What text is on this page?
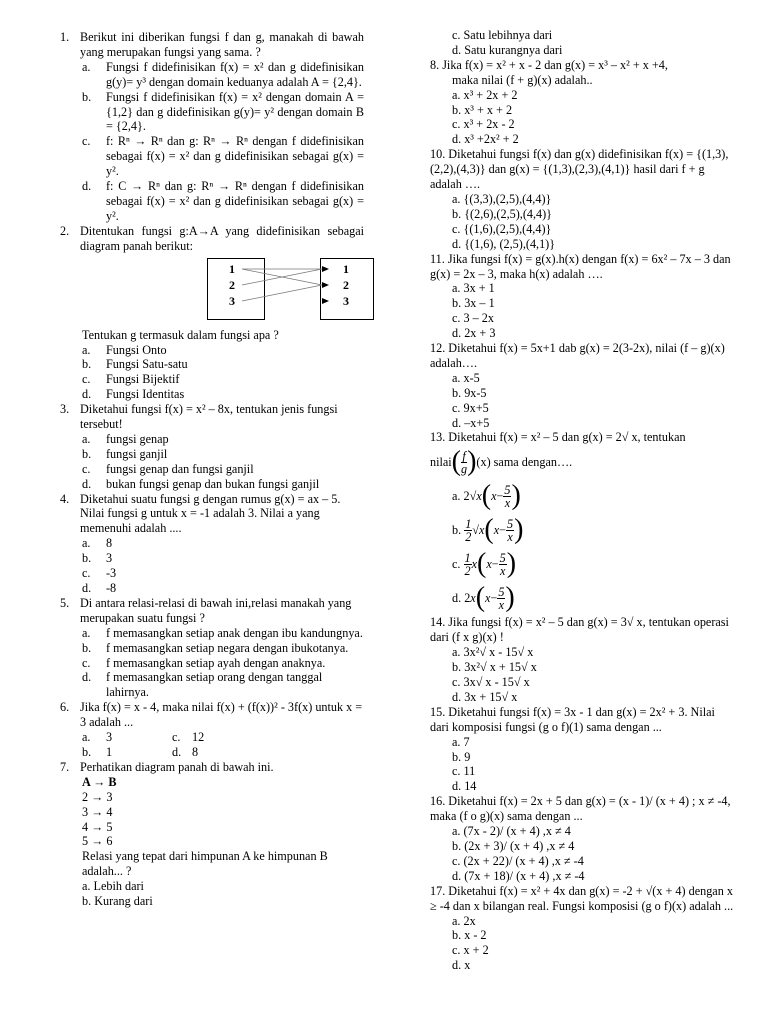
1. Berikut ini diberikan fungsi f dan g, manakah di bawah yang merupakan fungsi yang sama. ?
a.	Fungsi f didefinisikan f(x) = x² dan g didefinisikan g(y)= y³ dengan domain keduanya adalah A = {2,4}.
b.	Fungsi f didefinisikan f(x) = x² dengan domain A = {1,2} dan g didefinisikan g(y)= y² dengan domain B = {2,4}.
c.	f: Rⁿ → Rⁿ dan g: Rⁿ → Rⁿ dengan f didefinisikan sebagai f(x) = x² dan g didefinisikan sebagai g(x) = y².
d.	f: C → Rⁿ dan g: Rⁿ → Rⁿ dengan f didefinisikan sebagai f(x) = x² dan g didefinisikan sebagai g(x) = y².
2. Ditentukan fungsi g:A→A yang didefinisikan sebagai diagram panah berikut:
1
2
3
1
2
3
Tentukan g termasuk dalam fungsi apa ?
a.	Fungsi Onto
b.	Fungsi Satu-satu
c.	Fungsi Bijektif
d.	Fungsi Identitas
3. Diketahui fungsi f(x) = x² – 8x, tentukan jenis fungsi tersebut!
a.	fungsi genap
b.	fungsi ganjil
c.	fungsi genap dan fungsi ganjil
d.	bukan fungsi genap dan bukan fungsi ganjil
4. Diketahui suatu fungsi g dengan rumus g(x) = ax – 5. Nilai fungsi g untuk x = -1 adalah 3. Nilai a yang memenuhi adalah ....
a.	8
b.	3
c.	-3
d.	-8
5. Di antara relasi-relasi di bawah ini,relasi manakah yang merupakan suatu fungsi ?
a.	f memasangkan setiap anak dengan ibu kandungnya.
b.	f memasangkan setiap negara dengan ibukotanya.
c.	f memasangkan setiap ayah dengan anaknya.
d.	f memasangkan setiap orang dengan tanggal lahirnya.
6. Jika f(x) = x - 4, maka nilai f(x) + (f(x))² - 3f(x) untuk x = 3 adalah ...
a.	3	c. 12
b.	1	d. 8
7. Perhatikan diagram panah di bawah ini.
A → B
2 → 3
3 → 4
4 → 5
5 → 6
Relasi yang tepat dari himpunan A ke himpunan B adalah... ?
a. Lebih dari
b. Kurang dari
c. Satu lebihnya dari
d. Satu kurangnya dari
8. Jika f(x) = x² + x - 2 dan g(x) = x³ – x² + x +4,
maka nilai (f + g)(x) adalah..
a. x³ + 2x + 2
b. x³ + x + 2
c. x³ + 2x - 2
d. x³ +2x² + 2
10. Diketahui fungsi f(x) dan g(x) didefinisikan f(x) = {(1,3),(2,2),(4,3)} dan g(x) = {(1,3),(2,3),(4,1)} hasil dari f + g adalah ….
a. {(3,3),(2,5),(4,4)}
b. {(2,6),(2,5),(4,4)}
c. {(1,6),(2,5),(4,4)}
d. {(1,6), (2,5),(4,1)}
11. Jika fungsi f(x) = g(x).h(x) dengan f(x) = 6x² – 7x – 3 dan g(x) = 2x – 3, maka h(x) adalah ….
a. 3x + 1
b. 3x – 1
c. 3 – 2x
d. 2x + 3
12. Diketahui f(x) = 5x+1 dab g(x) = 2(3-2x), nilai (f – g)(x) adalah….
a. x-5
b. 9x-5
c. 9x+5
d. –x+5
13. Diketahui f(x) = x² – 5 dan g(x) = 2√ x, tentukan
nilai ( $\frac{f}{g}$ ) (x) sama dengan….
a.
2√ x ( $x - \frac{5}{x}$ )
b.
$\frac{1}{2}$ √ x ( $x - \frac{5}{x}$ )
c.
$\frac{1}{2}$ x ( $x - \frac{5}{x}$ )
d.
2 x ( $x - \frac{5}{x}$ )
14. Jika fungsi f(x) = x² – 5 dan g(x) = 3√ x, tentukan operasi dari (f x g)(x) !
a. 3x²√ x - 15√ x
b. 3x²√ x + 15√ x
c. 3x√ x - 15√ x
d. 3x + 15√ x
15. Diketahui fungsi f(x) = 3x - 1 dan g(x) = 2x² + 3. Nilai dari komposisi fungsi (g o f)(1) sama dengan ...
a. 7
b. 9
c. 11
d. 14
16. Diketahui f(x) = 2x + 5 dan g(x) = (x - 1)/ (x + 4) ; x ≠ -4, maka (f o g)(x) sama dengan ...
a. (7x - 2)/ (x + 4) ,x ≠ 4
b. (2x + 3)/ (x + 4) ,x ≠ 4
c. (2x + 22)/ (x + 4) ,x ≠ -4
d. (7x + 18)/ (x + 4) ,x ≠ -4
17. Diketahui f(x) = x² + 4x dan g(x) = -2 + √(x + 4) dengan x ≥ -4 dan x bilangan real. Fungsi komposisi (g o f)(x) adalah ...
a. 2x
b. x - 2
c. x + 2
d. x
